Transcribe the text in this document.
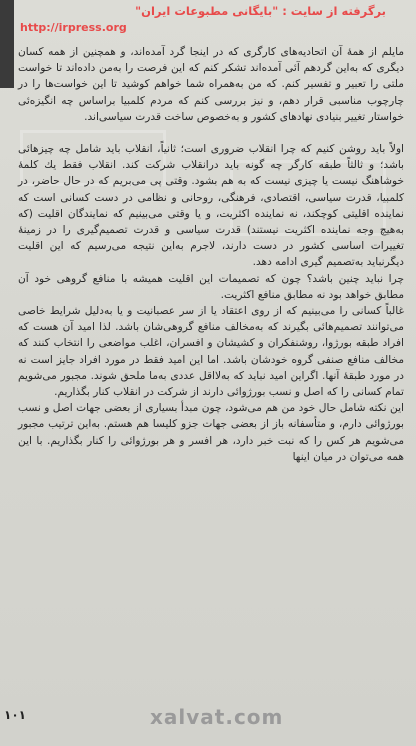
برگرفته از سایت : "بایگانی مطبوعات ایران"
http://irpress.org

مایلم از همهٔ آن اتحادیه‌های کارگری که در اینجا گرد آمده‌اند، و همچنین از همه کسان دیگری که به‌این گردهم آئی آمده‌اند تشکر کنم که این فرصت را به‌من داده‌اند تا خواست ملتی را تعبیر و تفسیر کنم. که من به‌همراه شما خواهم کوشید تا این خواست‌ها را در چارچوب مناسبی قرار دهم، و نیز بررسی کنم که مردم کلمبیا براساس چه انگیزه‌ئی خواستار تغییر بنیادی نهادهای کشور و به‌خصوص ساخت قدرت سیاسی‌اند.

اولاً باید روشن کنیم که چرا انقلاب ضروری است؛ ثانیاً، انقلاب باید شامل چه چیزهائی باشد؛ و ثالثاً طبقه کارگر چه گونه باید درانقلاب شرکت کند. انقلاب فقط یك کلمهٔ خوشاهنگ نیست یا چیزی نیست که به‌ هم بشود. وقتی پی می‌بریم که در حال حاضر، در کلمبیا، قدرت سیاسی، اقتصادی، فرهنگی، روحانی و نظامی در دست کسانی است که نماینده اقلیتی کوچکند، نه نماینده اکثریت، و یا وقتی می‌بینیم که نمایندگان اقلیت (که به‌هیچ وجه نماینده اکثریت نیستند) قدرت سیاسی و قدرت تصمیم‌گیری را در زمینهٔ تغییرات اساسی کشور در دست دارند، لاجرم به‌این نتیجه می‌رسیم که این اقلیت دیگرنباید به‌تصمیم گیری ادامه دهد.

چرا نباید چنین باشد؟ چون که تصمیمات این اقلیت همیشه با منافع گروهی خود آن مطابق خواهد بود نه مطابق منافع اکثریت.

غالباً کسانی را می‌بینیم که از روی اعتقاد یا از سر عصبانیت و یا به‌دلیل شرایط خاصی می‌توانند تصمیم‌هائی بگیرند که به‌مخالف منافع گروهی‌شان باشد. لذا امید آن هست که افراد طبقه بورژوا، روشنفکران و کشیشان و افسران، اغلب مواضعی را انتخاب کنند که مخالف منافع صنفی گروه خودشان باشد. اما این امید فقط در مورد افراد جایز است نه در مورد طبقهٔ آنها. اگراین امید نباید که به‌لااقل عددی به‌ما ملحق شوند. مجبور می‌شویم تمام کسانی را که اصل و نسب بورژوائی دارند از شرکت در انقلاب کنار بگذاریم.

این نکته شامل حال خود من هم می‌شود، چون مبدأ بسیاری از بعضی جهات اصل و نسب بورژوائی دارم، و متأسفانه باز از بعضی جهات جزو کلیسا هم هستم. به‌این ترتیب مجبور می‌شویم هر کس را که نبت خبر دارد، هر افسر و هر بورژوائی را کنار بگذاریم. با این همه می‌توان در میان اینها

xalvat.com
۱۰۱
